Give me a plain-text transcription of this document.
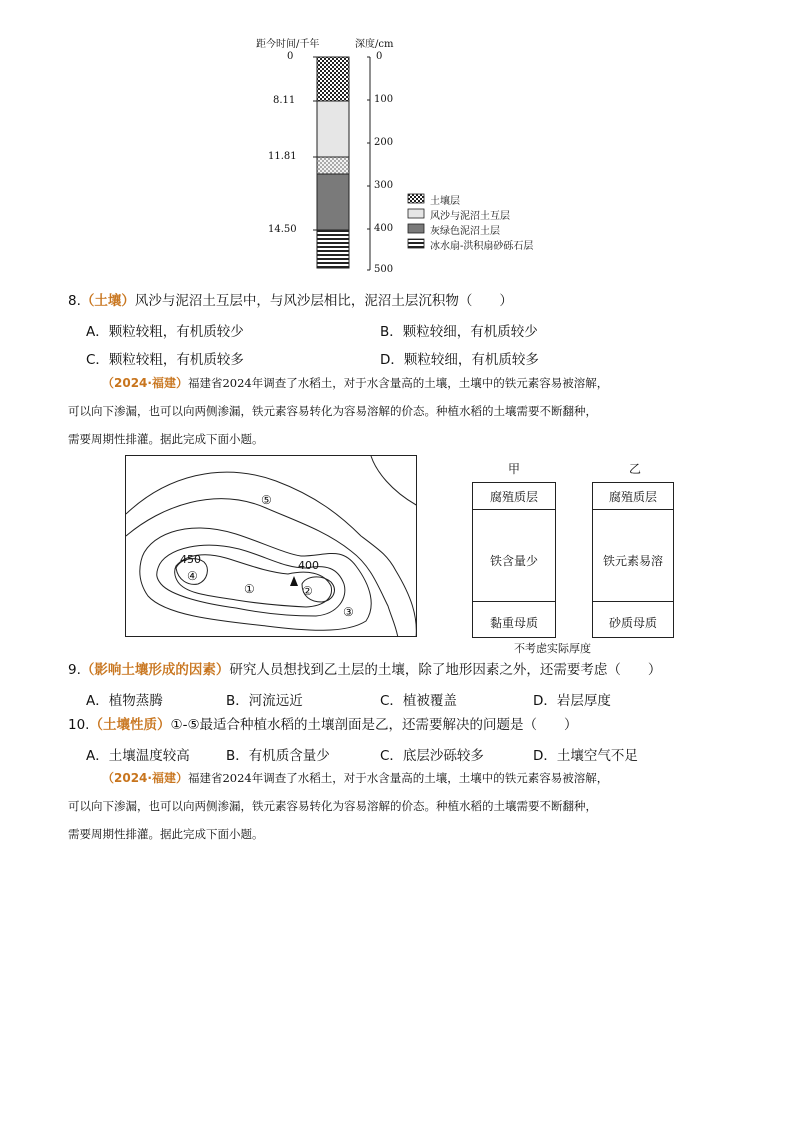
距今时间/千年	深度/cm
0
8.11
11.81
14.50
0
100
200
300
400
500
土壤层
风沙与泥沼土互层
灰绿色泥沼土层
冰水扇-洪积扇砂砾石层
8.（土壤）风沙与泥沼土互层中，与风沙层相比，泥沼土层沉积物（　　）
A．颗粒较粗，有机质较少	B．颗粒较细，有机质较少
C．颗粒较粗，有机质较多	D．颗粒较细，有机质较多
（2024·福建）福建省2024年调查了水稻土，对于水含量高的土壤，土壤中的铁元素容易被溶解，
可以向下渗漏，也可以向两侧渗漏，铁元素容易转化为容易溶解的价态。种植水稻的土壤需要不断翻种，
需要周期性排灌。据此完成下面小题。
450	400
①	②
③
④
⑤
甲
腐殖质层
铁含量少
黏重母质
乙
腐殖质层
铁元素易溶
砂质母质
不考虑实际厚度
9.（影响土壤形成的因素）研究人员想找到乙土层的土壤，除了地形因素之外，还需要考虑（　　）
A．植物蒸腾	B．河流远近	C．植被覆盖	D．岩层厚度
10.（土壤性质）①-⑤最适合种植水稻的土壤剖面是乙，还需要解决的问题是（　　）
A．土壤温度较高	B．有机质含量少	C．底层沙砾较多	D．土壤空气不足
（2024·福建）福建省2024年调查了水稻土，对于水含量高的土壤，土壤中的铁元素容易被溶解，
可以向下渗漏，也可以向两侧渗漏，铁元素容易转化为容易溶解的价态。种植水稻的土壤需要不断翻种，
需要周期性排灌。据此完成下面小题。
